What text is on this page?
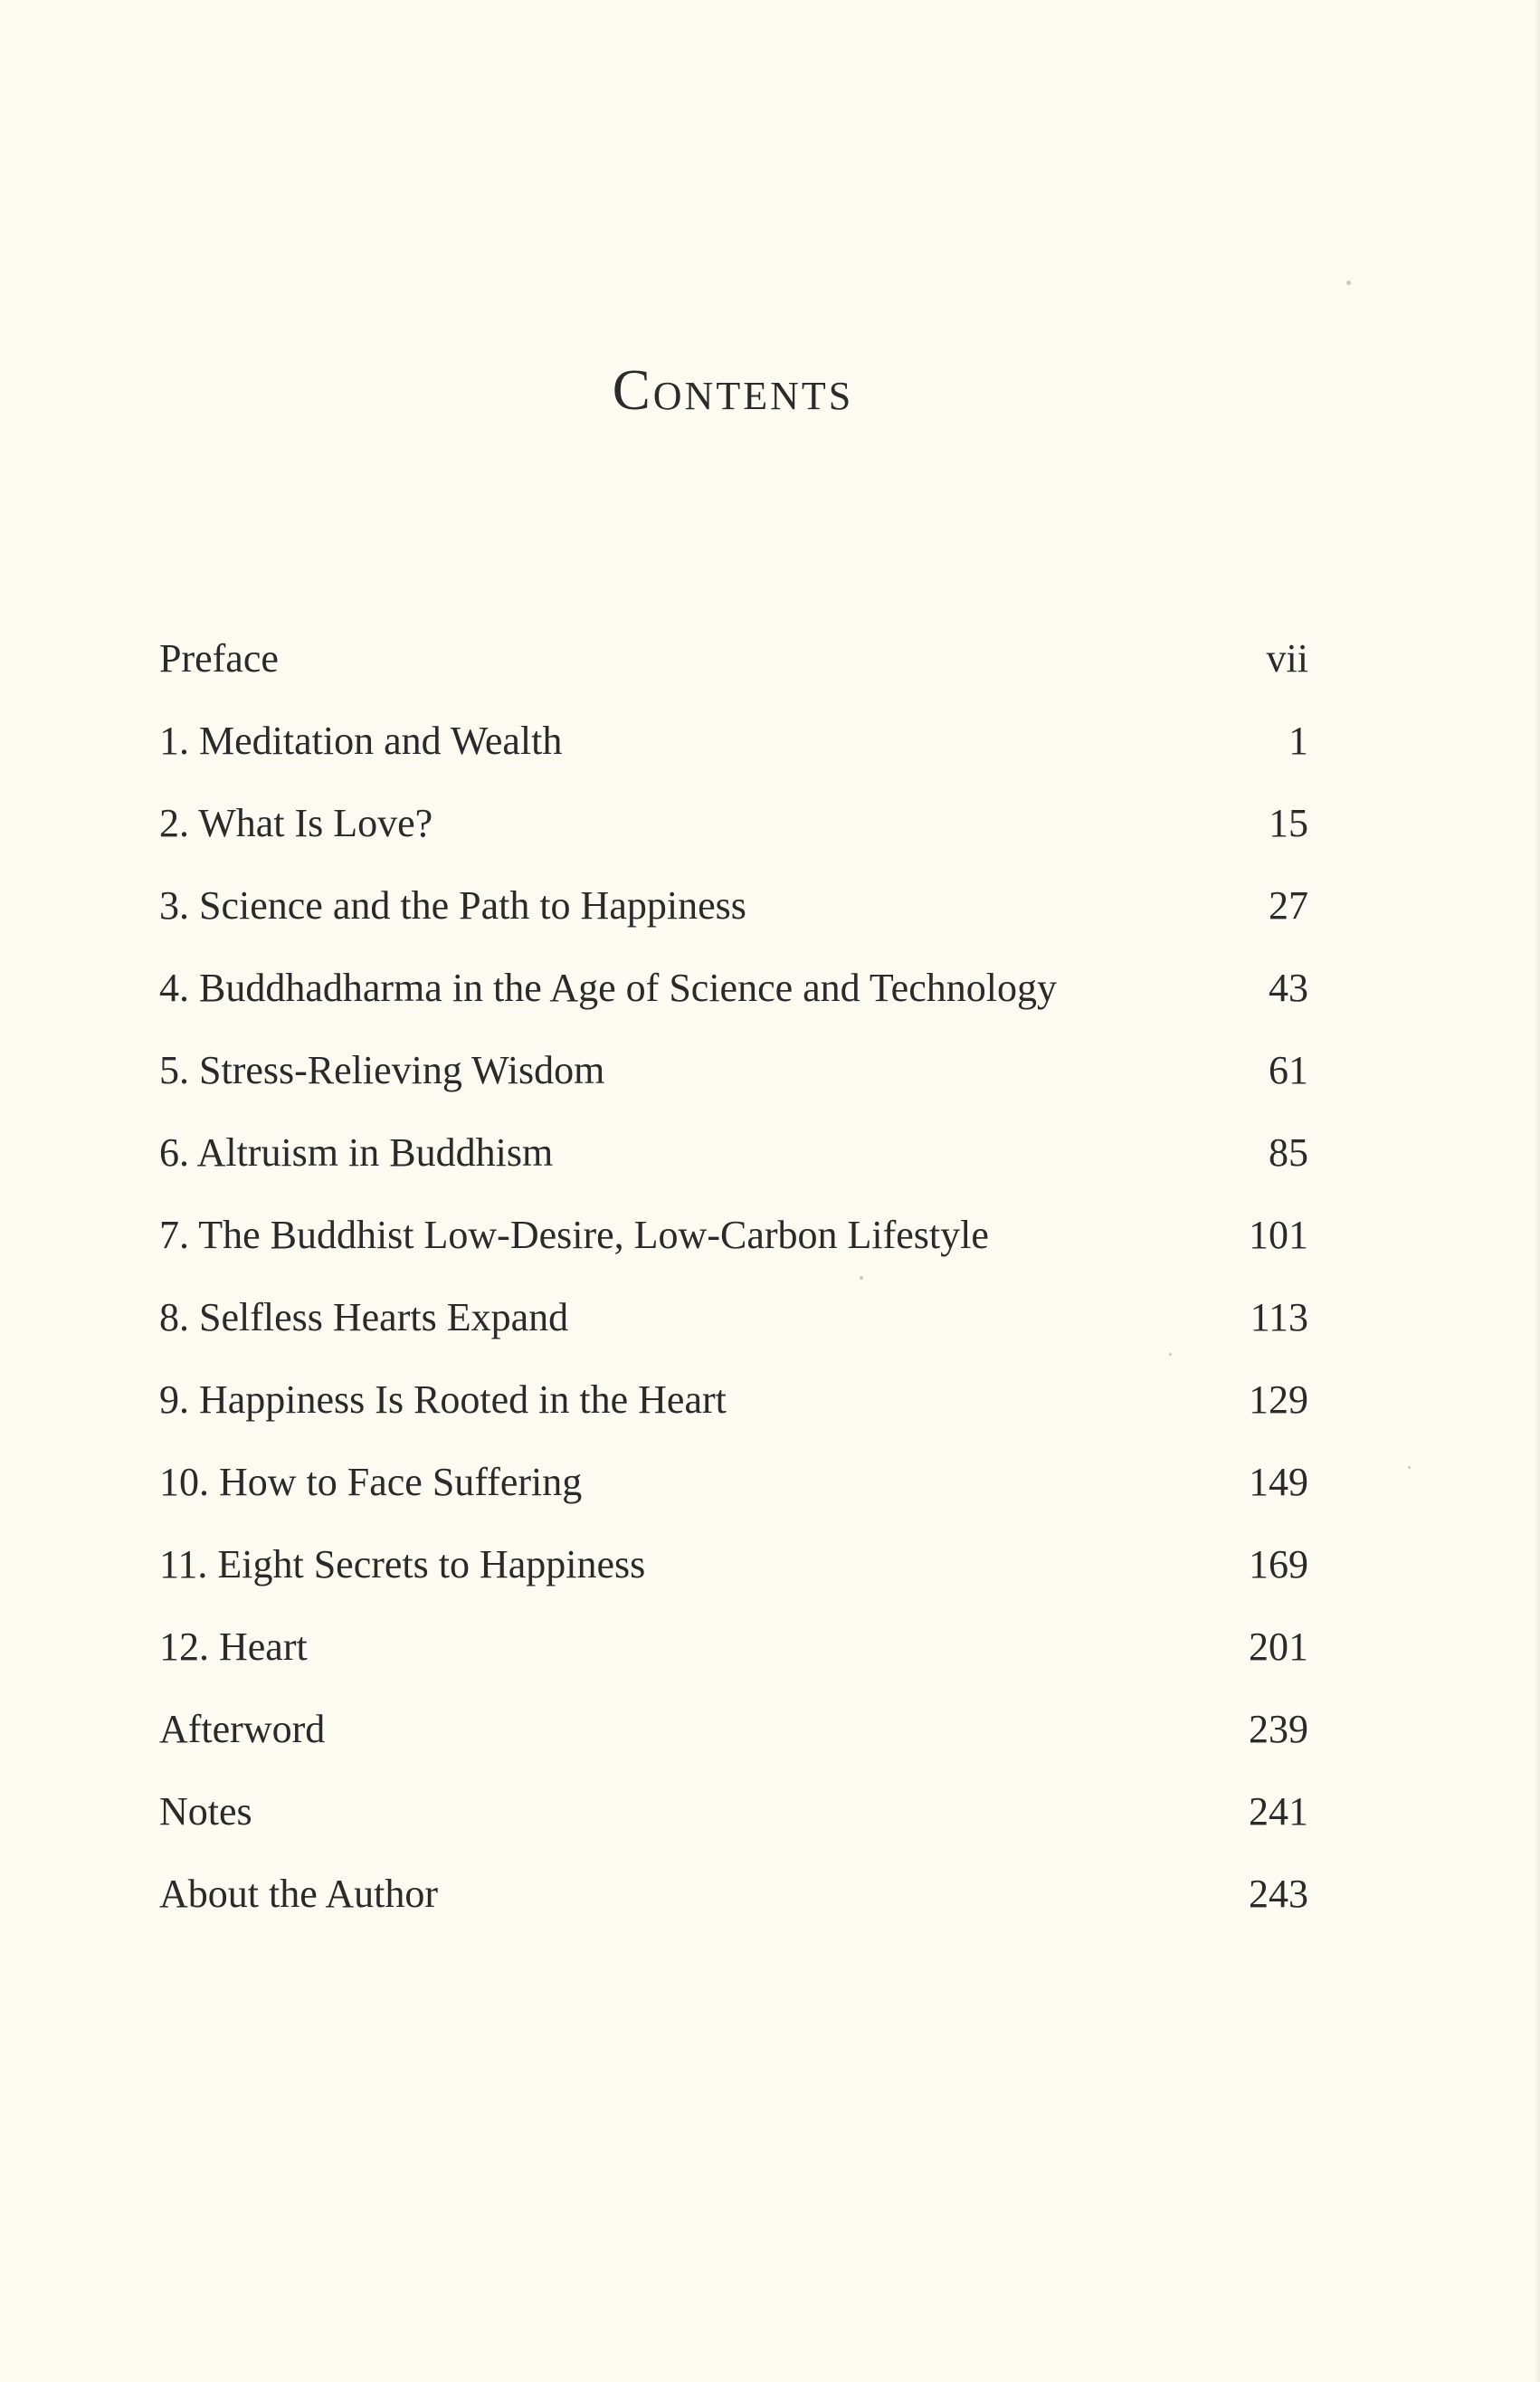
Contents
Preface	vii
1. Meditation and Wealth	1
2. What Is Love?	15
3. Science and the Path to Happiness	27
4. Buddhadharma in the Age of Science and Technology	43
5. Stress-Relieving Wisdom	61
6. Altruism in Buddhism	85
7. The Buddhist Low-Desire, Low-Carbon Lifestyle	101
8. Selfless Hearts Expand	113
9. Happiness Is Rooted in the Heart	129
10. How to Face Suffering	149
11. Eight Secrets to Happiness	169
12. Heart	201
Afterword	239
Notes	241
About the Author	243
